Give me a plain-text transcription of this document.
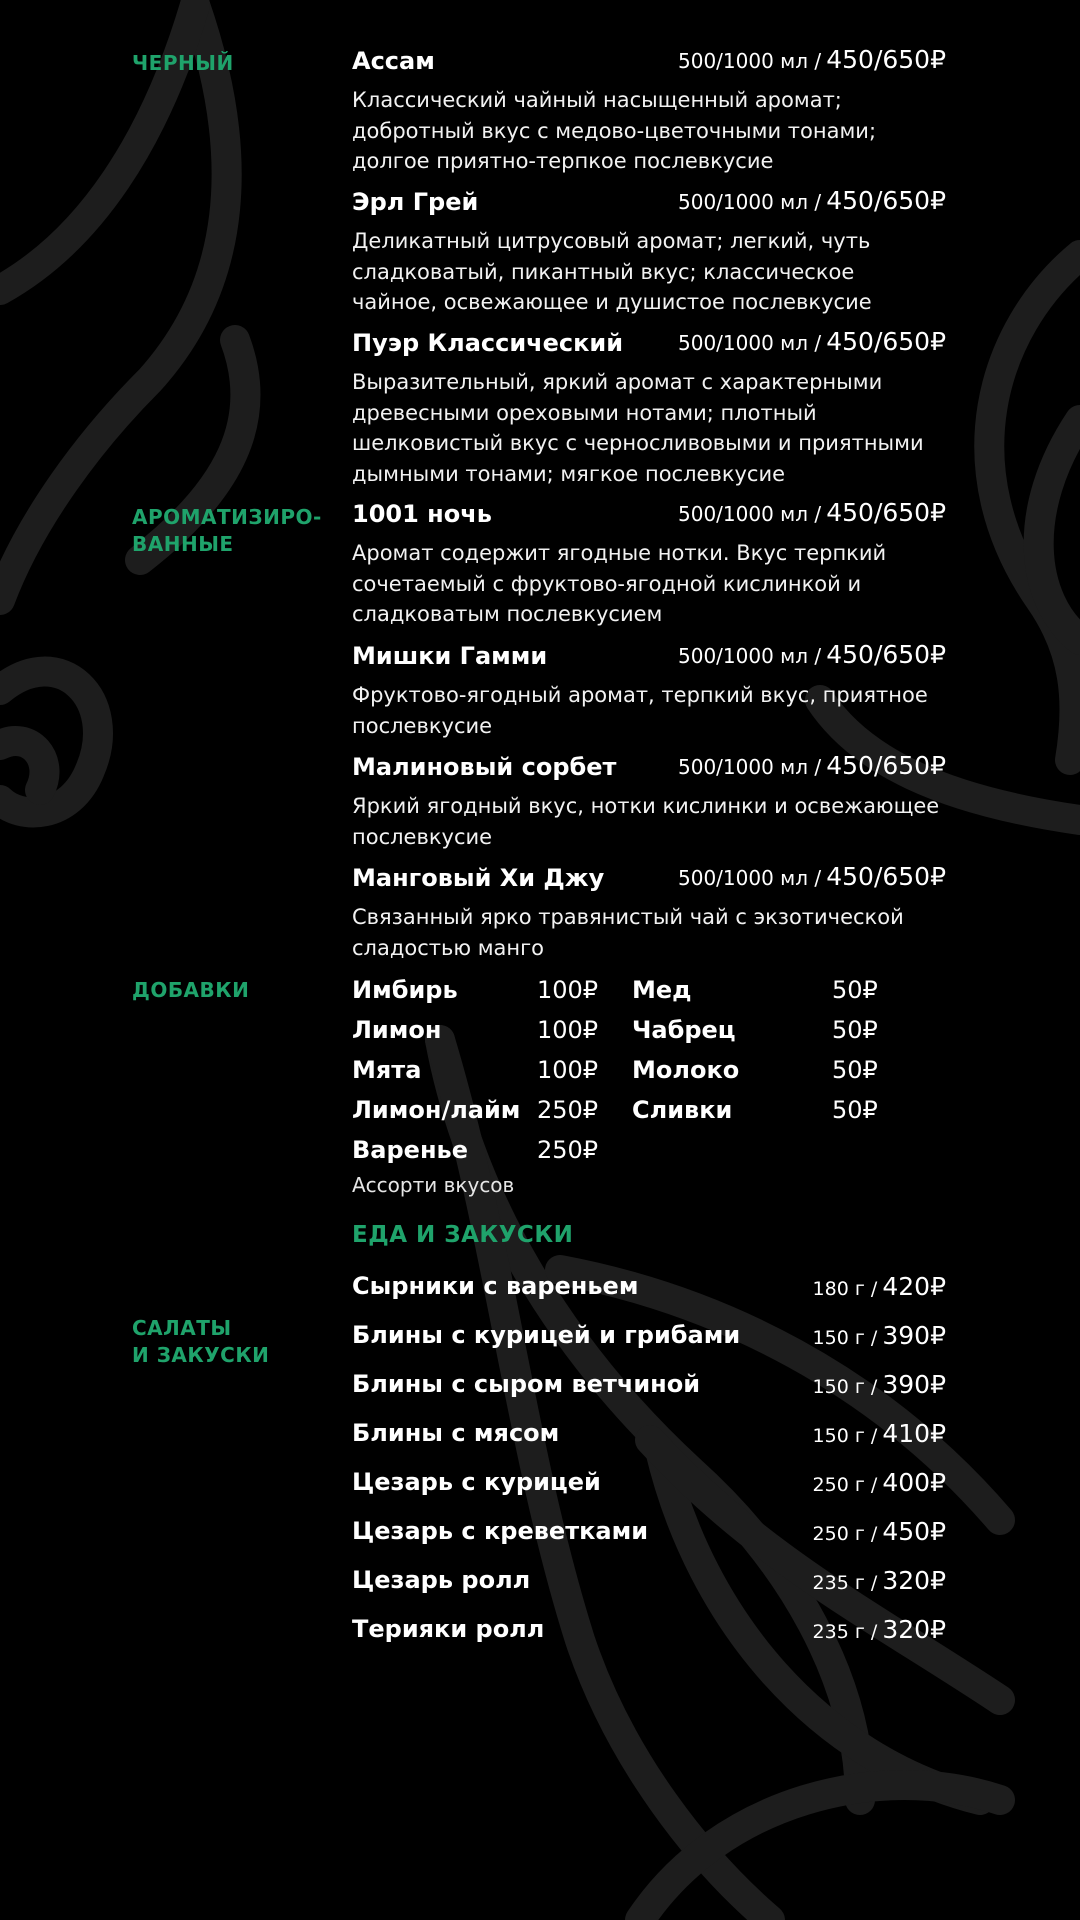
ЧЕРНЫЙ
АРОМАТИЗИРО-
ВАННЫЕ
ДОБАВКИ
САЛАТЫ
И ЗАКУСКИ
Ассам	500/1000 мл / 450/650₽
Классический чайный насыщенный аромат; добротный вкус с медово-цветочными тонами; долгое приятно-терпкое послевкусие
Эрл Грей	500/1000 мл / 450/650₽
Деликатный цитрусовый аромат; легкий, чуть сладковатый, пикантный вкус; классическое чайное, освежающее и душистое послевкусие
Пуэр Классический	500/1000 мл / 450/650₽
Выразительный, яркий аромат с характерными древесными ореховыми нотами; плотный шелковистый вкус с черносливовыми и приятными дымными тонами; мягкое послевкусие
1001 ночь	500/1000 мл / 450/650₽
Аромат содержит ягодные нотки. Вкус терпкий сочетаемый с фруктово-ягодной кислинкой и сладковатым послевкусием
Мишки Гамми	500/1000 мл / 450/650₽
Фруктово-ягодный аромат, терпкий вкус, приятное послевкусие
Малиновый сорбет	500/1000 мл / 450/650₽
Яркий ягодный вкус, нотки кислинки и освежающее послевкусие
Манговый Хи Джу	500/1000 мл / 450/650₽
Связанный ярко травянистый чай с экзотической сладостью манго
Имбирь	100₽
Лимон	100₽
Мята	100₽
Лимон/лайм 250₽
Варенье	250₽
Мед	50₽
Чабрец	50₽
Молоко	50₽
Сливки	50₽
Ассорти вкусов
ЕДА И ЗАКУСКИ
Сырники с вареньем	180 г / 420₽
Блины с курицей и грибами	150 г / 390₽
Блины с сыром ветчиной	150 г / 390₽
Блины с мясом	150 г / 410₽
Цезарь с курицей	250 г / 400₽
Цезарь с креветками	250 г / 450₽
Цезарь ролл	235 г / 320₽
Терияки ролл	235 г / 320₽
